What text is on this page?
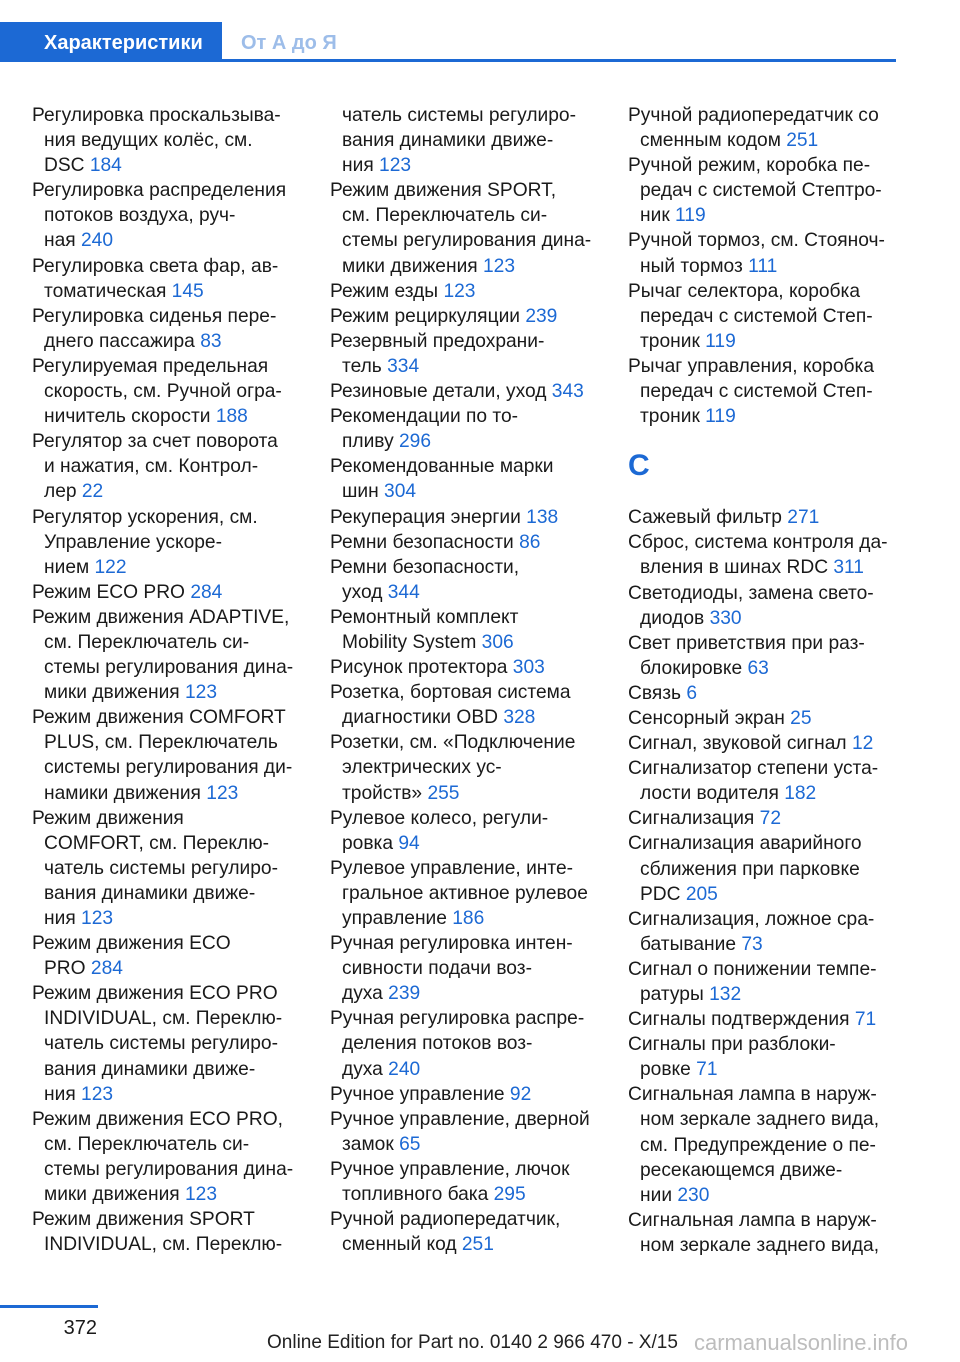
Характеристики	От А до Я
Регулировка проскальзыва-
ния ведущих колёс, см.
DSC 184
Регулировка распределения
потоков воздуха, руч-
ная 240
Регулировка света фар, ав-
томатическая 145
Регулировка сиденья пере-
днего пассажира 83
Регулируемая предельная
скорость, см. Ручной огра-
ничитель скорости 188
Регулятор за счет поворота
и нажатия, см. Контрол-
лер 22
Регулятор ускорения, см.
Управление ускоре-
нием 122
Режим ECO PRO 284
Режим движения ADAPTIVE,
см. Переключатель си-
стемы регулирования дина-
мики движения 123
Режим движения COMFORT
PLUS, см. Переключатель
системы регулирования ди-
намики движения 123
Режим движения
COMFORT, см. Переклю-
чатель системы регулиро-
вания динамики движе-
ния 123
Режим движения ECO
PRO 284
Режим движения ECO PRO
INDIVIDUAL, см. Переклю-
чатель системы регулиро-
вания динамики движе-
ния 123
Режим движения ECO PRO,
см. Переключатель си-
стемы регулирования дина-
мики движения 123
Режим движения SPORT
INDIVIDUAL, см. Переклю-
чатель системы регулиро-
вания динамики движе-
ния 123
Режим движения SPORT,
см. Переключатель си-
стемы регулирования дина-
мики движения 123
Режим езды 123
Режим рециркуляции 239
Резервный предохрани-
тель 334
Резиновые детали, уход 343
Рекомендации по то-
пливу 296
Рекомендованные марки
шин 304
Рекуперация энергии 138
Ремни безопасности 86
Ремни безопасности,
уход 344
Ремонтный комплект
Mobility System 306
Рисунок протектора 303
Розетка, бортовая система
диагностики OBD 328
Розетки, см. «Подключение
электрических ус-
тройств» 255
Рулевое колесо, регули-
ровка 94
Рулевое управление, инте-
гральное активное рулевое
управление 186
Ручная регулировка интен-
сивности подачи воз-
духа 239
Ручная регулировка распре-
деления потоков воз-
духа 240
Ручное управление 92
Ручное управление, дверной
замок 65
Ручное управление, лючок
топливного бака 295
Ручной радиопередатчик,
сменный код 251
Ручной радиопередатчик со
сменным кодом 251
Ручной режим, коробка пе-
редач с системой Стептро-
ник 119
Ручной тормоз, см. Стояноч-
ный тормоз 111
Рычаг селектора, коробка
передач с системой Степ-
троник 119
Рычаг управления, коробка
передач с системой Степ-
троник 119
С
Сажевый фильтр 271
Сброс, система контроля да-
вления в шинах RDC 311
Светодиоды, замена свето-
диодов 330
Свет приветствия при раз-
блокировке 63
Связь 6
Сенсорный экран 25
Сигнал, звуковой сигнал 12
Сигнализатор степени уста-
лости водителя 182
Сигнализация 72
Сигнализация аварийного
сближения при парковке
PDC 205
Сигнализация, ложное сра-
батывание 73
Сигнал о понижении темпе-
ратуры 132
Сигналы подтверждения 71
Сигналы при разблоки-
ровке 71
Сигнальная лампа в наруж-
ном зеркале заднего вида,
см. Предупреждение о пе-
ресекающемся движе-
нии 230
Сигнальная лампа в наруж-
ном зеркале заднего вида,
372
Online Edition for Part no. 0140 2 966 470 - X/15 carmanualsonline.info
